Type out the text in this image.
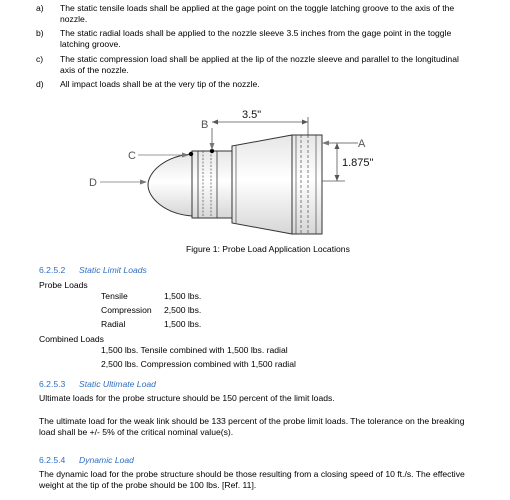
a) The static tensile loads shall be applied at the gage point on the toggle latching groove to the axis of the nozzle.
b) The static radial loads shall be applied to the nozzle sleeve 3.5 inches from the gage point in the toggle latching groove.
c) The static compression load shall be applied at the lip of the nozzle sleeve and parallel to the longitudinal axis of the nozzle.
d) All impact loads shall be at the very tip of the nozzle.
B
A
C
D
3.5"
1.875"
Figure 1: Probe Load Application Locations
6.2.5.2 Static Limit Loads
Probe Loads
Tensile	1,500 lbs.
Compression 2,500 lbs.
Radial	1,500 lbs.
Combined Loads
1,500 lbs. Tensile combined with 1,500 lbs. radial
2,500 lbs. Compression combined with 1,500 radial
6.2.5.3 Static Ultimate Load
Ultimate loads for the probe structure should be 150 percent of the limit loads.
The ultimate load for the weak link should be 133 percent of the probe limit loads. The tolerance on the breaking load shall be +/- 5% of the critical nominal value(s).
6.2.5.4 Dynamic Load
The dynamic load for the probe structure should be those resulting from a closing speed of 10 ft./s. The effective weight at the tip of the probe should be 100 lbs. [Ref. 11].
